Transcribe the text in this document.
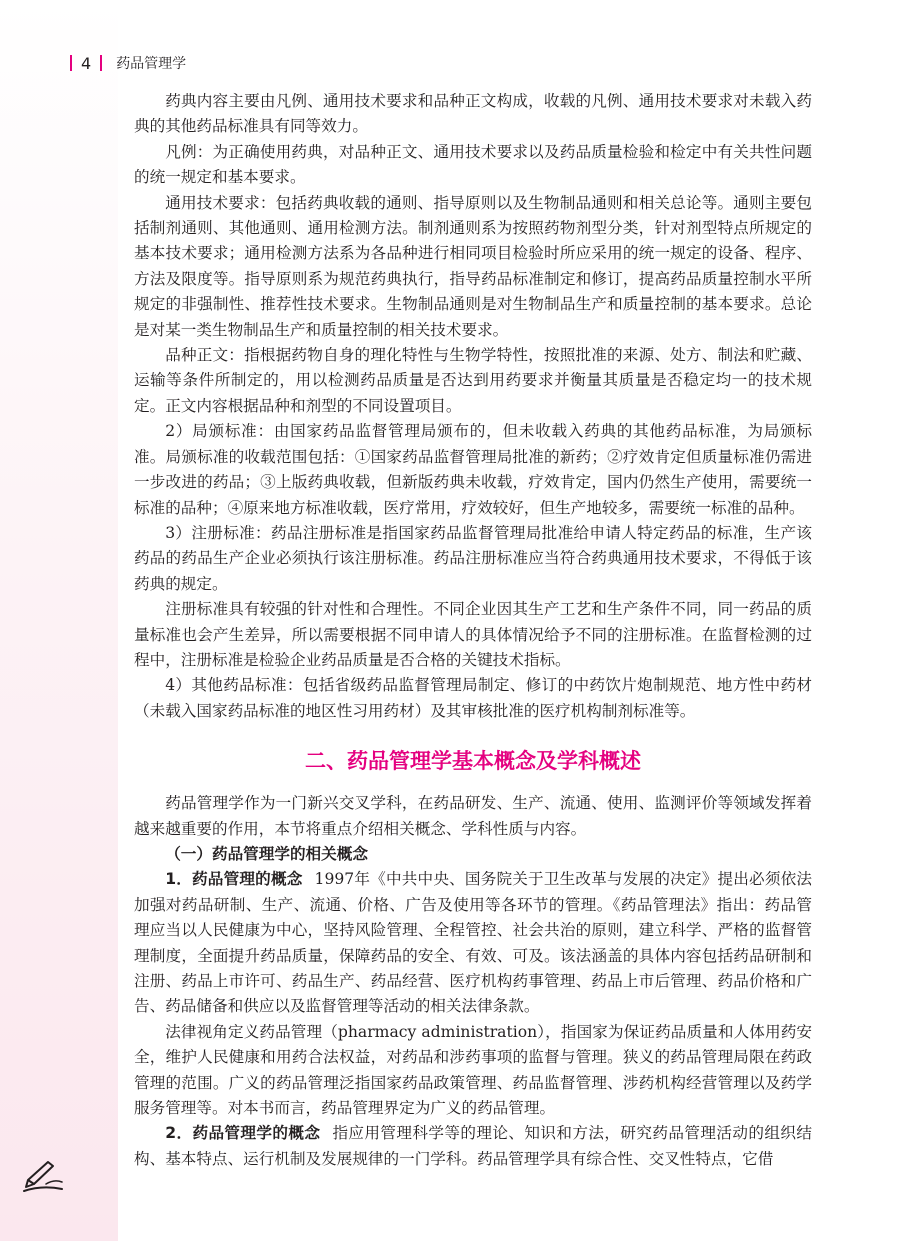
4 药品管理学

药典内容主要由凡例、通用技术要求和品种正文构成，收载的凡例、通用技术要求对未载入药典的其他药品标准具有同等效力。

凡例：为正确使用药典，对品种正文、通用技术要求以及药品质量检验和检定中有关共性问题的统一规定和基本要求。

通用技术要求：包括药典收载的通则、指导原则以及生物制品通则和相关总论等。通则主要包括制剂通则、其他通则、通用检测方法。制剂通则系为按照药物剂型分类，针对剂型特点所规定的基本技术要求；通用检测方法系为各品种进行相同项目检验时所应采用的统一规定的设备、程序、方法及限度等。指导原则系为规范药典执行，指导药品标准制定和修订，提高药品质量控制水平所规定的非强制性、推荐性技术要求。生物制品通则是对生物制品生产和质量控制的基本要求。总论是对某一类生物制品生产和质量控制的相关技术要求。

品种正文：指根据药物自身的理化特性与生物学特性，按照批准的来源、处方、制法和贮藏、运输等条件所制定的，用以检测药品质量是否达到用药要求并衡量其质量是否稳定均一的技术规定。正文内容根据品种和剂型的不同设置项目。

2）局颁标准：由国家药品监督管理局颁布的，但未收载入药典的其他药品标准，为局颁标准。局颁标准的收载范围包括：①国家药品监督管理局批准的新药；②疗效肯定但质量标准仍需进一步改进的药品；③上版药典收载，但新版药典未收载，疗效肯定，国内仍然生产使用，需要统一标准的品种；④原来地方标准收载，医疗常用，疗效较好，但生产地较多，需要统一标准的品种。

3）注册标准：药品注册标准是指国家药品监督管理局批准给申请人特定药品的标准，生产该药品的药品生产企业必须执行该注册标准。药品注册标准应当符合药典通用技术要求，不得低于该药典的规定。

注册标准具有较强的针对性和合理性。不同企业因其生产工艺和生产条件不同，同一药品的质量标准也会产生差异，所以需要根据不同申请人的具体情况给予不同的注册标准。在监督检测的过程中，注册标准是检验企业药品质量是否合格的关键技术指标。

4）其他药品标准：包括省级药品监督管理局制定、修订的中药饮片炮制规范、地方性中药材（未载入国家药品标准的地区性习用药材）及其审核批准的医疗机构制剂标准等。

二、药品管理学基本概念及学科概述

药品管理学作为一门新兴交叉学科，在药品研发、生产、流通、使用、监测评价等领域发挥着越来越重要的作用，本节将重点介绍相关概念、学科性质与内容。

（一）药品管理学的相关概念

1．药品管理的概念 1997年《中共中央、国务院关于卫生改革与发展的决定》提出必须依法加强对药品研制、生产、流通、价格、广告及使用等各环节的管理。《药品管理法》指出：药品管理应当以人民健康为中心，坚持风险管理、全程管控、社会共治的原则，建立科学、严格的监督管理制度，全面提升药品质量，保障药品的安全、有效、可及。该法涵盖的具体内容包括药品研制和注册、药品上市许可、药品生产、药品经营、医疗机构药事管理、药品上市后管理、药品价格和广告、药品储备和供应以及监督管理等活动的相关法律条款。

法律视角定义药品管理（pharmacy administration），指国家为保证药品质量和人体用药安全，维护人民健康和用药合法权益，对药品和涉药事项的监督与管理。狭义的药品管理局限在药政管理的范围。广义的药品管理泛指国家药品政策管理、药品监督管理、涉药机构经营管理以及药学服务管理等。对本书而言，药品管理界定为广义的药品管理。

2．药品管理学的概念 指应用管理科学等的理论、知识和方法，研究药品管理活动的组织结构、基本特点、运行机制及发展规律的一门学科。药品管理学具有综合性、交叉性特点，它借
